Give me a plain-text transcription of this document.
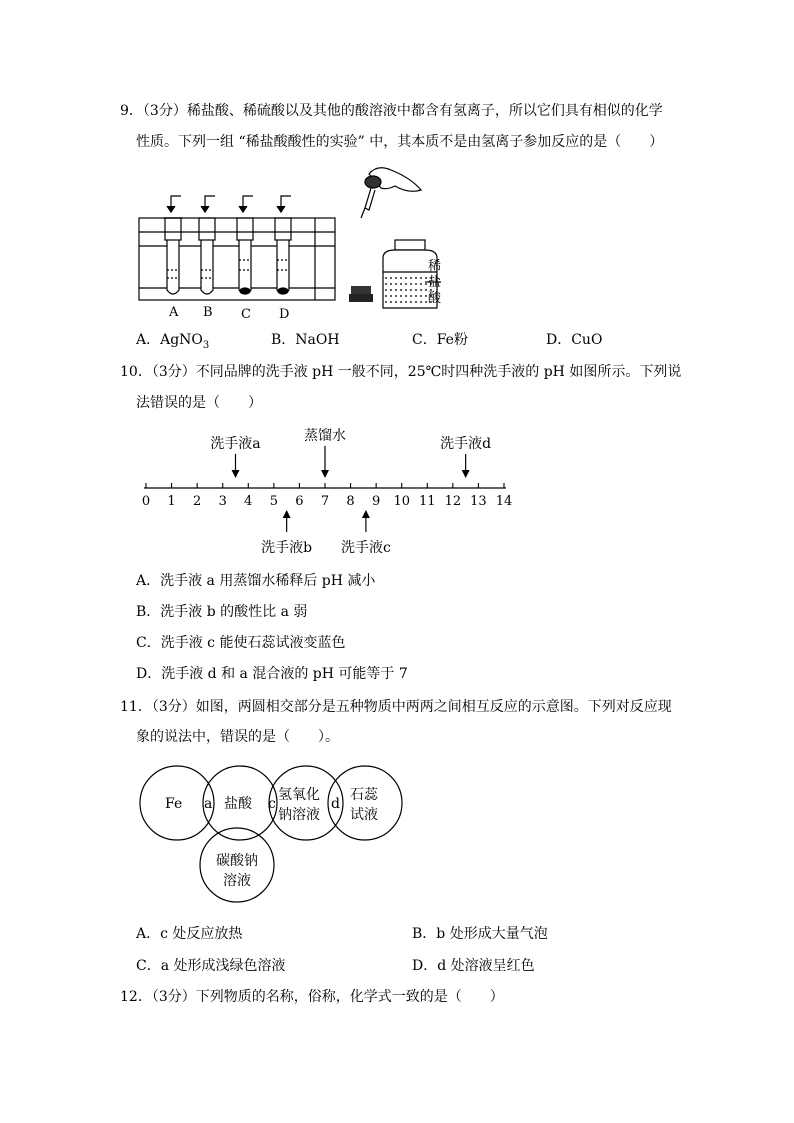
9．（3分）稀盐酸、稀硫酸以及其他的酸溶液中都含有氢离子，所以它们具有相似的化学
性质。下列一组 “稀盐酸酸性的实验” 中，其本质不是由氢离子参加反应的是（　　）
A B C D
稀
盐
酸
A．AgNO$_3$	B．NaOH	C．Fe粉	D．CuO
10．（3分）不同品牌的洗手液 pH 一般不同，25℃时四种洗手液的 pH 如图所示。下列说
法错误的是（　　）
0 1 2 3 4 5 6 7 8 9 10 11 12 13 14
洗手液a	蒸馏水	洗手液d
洗手液b 洗手液c
A．洗手液 a 用蒸馏水稀释后 pH 减小
B．洗手液 b 的酸性比 a 弱
C．洗手液 c 能使石蕊试液变蓝色
D．洗手液 d 和 a 混合液的 pH 可能等于 7
11．（3分）如图，两圆相交部分是五种物质中两两之间相互反应的示意图。下列对反应现
象的说法中，错误的是（　　）。
Fe	盐酸
氢氧化
钠溶液
石蕊
试液
碳酸钠
溶液
a	c	d
A．c 处反应放热	B．b 处形成大量气泡
C．a 处形成浅绿色溶液	D．d 处溶液呈红色
12．（3分）下列物质的名称，俗称，化学式一致的是（　　）
